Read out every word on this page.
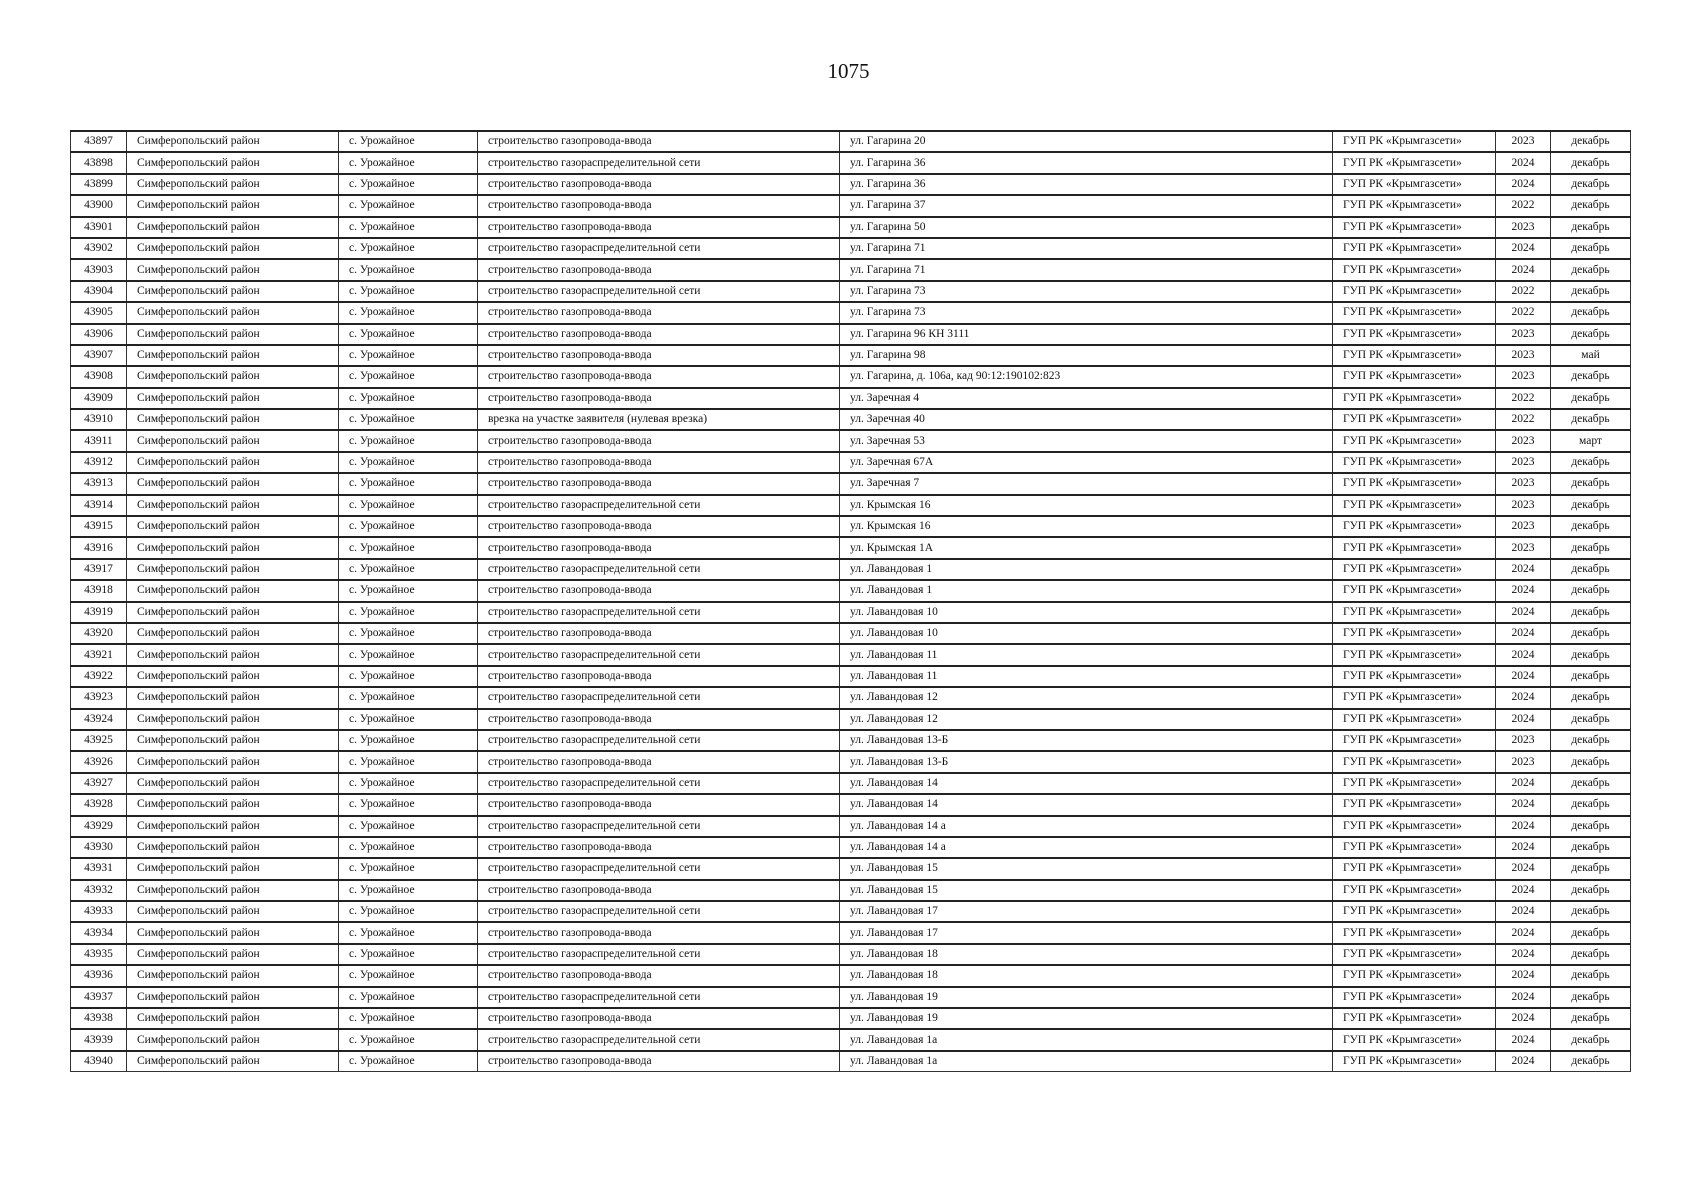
1075
43897	Симферопольский район	с. Урожайное	строительство газопровода-ввода	ул. Гагарина 20	ГУП РК «Крымгазсети»	2023	декабрь
43898	Симферопольский район	с. Урожайное	строительство газораспределительной сети	ул. Гагарина 36	ГУП РК «Крымгазсети»	2024	декабрь
43899	Симферопольский район	с. Урожайное	строительство газопровода-ввода	ул. Гагарина 36	ГУП РК «Крымгазсети»	2024	декабрь
43900	Симферопольский район	с. Урожайное	строительство газопровода-ввода	ул. Гагарина 37	ГУП РК «Крымгазсети»	2022	декабрь
43901	Симферопольский район	с. Урожайное	строительство газопровода-ввода	ул. Гагарина 50	ГУП РК «Крымгазсети»	2023	декабрь
43902	Симферопольский район	с. Урожайное	строительство газораспределительной сети	ул. Гагарина 71	ГУП РК «Крымгазсети»	2024	декабрь
43903	Симферопольский район	с. Урожайное	строительство газопровода-ввода	ул. Гагарина 71	ГУП РК «Крымгазсети»	2024	декабрь
43904	Симферопольский район	с. Урожайное	строительство газораспределительной сети	ул. Гагарина 73	ГУП РК «Крымгазсети»	2022	декабрь
43905	Симферопольский район	с. Урожайное	строительство газопровода-ввода	ул. Гагарина 73	ГУП РК «Крымгазсети»	2022	декабрь
43906	Симферопольский район	с. Урожайное	строительство газопровода-ввода	ул. Гагарина 96 КН 3111	ГУП РК «Крымгазсети»	2023	декабрь
43907	Симферопольский район	с. Урожайное	строительство газопровода-ввода	ул. Гагарина 98	ГУП РК «Крымгазсети»	2023	май
43908	Симферопольский район	с. Урожайное	строительство газопровода-ввода	ул. Гагарина, д. 106а, кад 90:12:190102:823	ГУП РК «Крымгазсети»	2023	декабрь
43909	Симферопольский район	с. Урожайное	строительство газопровода-ввода	ул. Заречная 4	ГУП РК «Крымгазсети»	2022	декабрь
43910	Симферопольский район	с. Урожайное	врезка на участке заявителя (нулевая врезка)	ул. Заречная 40	ГУП РК «Крымгазсети»	2022	декабрь
43911	Симферопольский район	с. Урожайное	строительство газопровода-ввода	ул. Заречная 53	ГУП РК «Крымгазсети»	2023	март
43912	Симферопольский район	с. Урожайное	строительство газопровода-ввода	ул. Заречная 67А	ГУП РК «Крымгазсети»	2023	декабрь
43913	Симферопольский район	с. Урожайное	строительство газопровода-ввода	ул. Заречная 7	ГУП РК «Крымгазсети»	2023	декабрь
43914	Симферопольский район	с. Урожайное	строительство газораспределительной сети	ул. Крымская 16	ГУП РК «Крымгазсети»	2023	декабрь
43915	Симферопольский район	с. Урожайное	строительство газопровода-ввода	ул. Крымская 16	ГУП РК «Крымгазсети»	2023	декабрь
43916	Симферопольский район	с. Урожайное	строительство газопровода-ввода	ул. Крымская 1А	ГУП РК «Крымгазсети»	2023	декабрь
43917	Симферопольский район	с. Урожайное	строительство газораспределительной сети	ул. Лавандовая 1	ГУП РК «Крымгазсети»	2024	декабрь
43918	Симферопольский район	с. Урожайное	строительство газопровода-ввода	ул. Лавандовая 1	ГУП РК «Крымгазсети»	2024	декабрь
43919	Симферопольский район	с. Урожайное	строительство газораспределительной сети	ул. Лавандовая 10	ГУП РК «Крымгазсети»	2024	декабрь
43920	Симферопольский район	с. Урожайное	строительство газопровода-ввода	ул. Лавандовая 10	ГУП РК «Крымгазсети»	2024	декабрь
43921	Симферопольский район	с. Урожайное	строительство газораспределительной сети	ул. Лавандовая 11	ГУП РК «Крымгазсети»	2024	декабрь
43922	Симферопольский район	с. Урожайное	строительство газопровода-ввода	ул. Лавандовая 11	ГУП РК «Крымгазсети»	2024	декабрь
43923	Симферопольский район	с. Урожайное	строительство газораспределительной сети	ул. Лавандовая 12	ГУП РК «Крымгазсети»	2024	декабрь
43924	Симферопольский район	с. Урожайное	строительство газопровода-ввода	ул. Лавандовая 12	ГУП РК «Крымгазсети»	2024	декабрь
43925	Симферопольский район	с. Урожайное	строительство газораспределительной сети	ул. Лавандовая 13-Б	ГУП РК «Крымгазсети»	2023	декабрь
43926	Симферопольский район	с. Урожайное	строительство газопровода-ввода	ул. Лавандовая 13-Б	ГУП РК «Крымгазсети»	2023	декабрь
43927	Симферопольский район	с. Урожайное	строительство газораспределительной сети	ул. Лавандовая 14	ГУП РК «Крымгазсети»	2024	декабрь
43928	Симферопольский район	с. Урожайное	строительство газопровода-ввода	ул. Лавандовая 14	ГУП РК «Крымгазсети»	2024	декабрь
43929	Симферопольский район	с. Урожайное	строительство газораспределительной сети	ул. Лавандовая 14 а	ГУП РК «Крымгазсети»	2024	декабрь
43930	Симферопольский район	с. Урожайное	строительство газопровода-ввода	ул. Лавандовая 14 а	ГУП РК «Крымгазсети»	2024	декабрь
43931	Симферопольский район	с. Урожайное	строительство газораспределительной сети	ул. Лавандовая 15	ГУП РК «Крымгазсети»	2024	декабрь
43932	Симферопольский район	с. Урожайное	строительство газопровода-ввода	ул. Лавандовая 15	ГУП РК «Крымгазсети»	2024	декабрь
43933	Симферопольский район	с. Урожайное	строительство газораспределительной сети	ул. Лавандовая 17	ГУП РК «Крымгазсети»	2024	декабрь
43934	Симферопольский район	с. Урожайное	строительство газопровода-ввода	ул. Лавандовая 17	ГУП РК «Крымгазсети»	2024	декабрь
43935	Симферопольский район	с. Урожайное	строительство газораспределительной сети	ул. Лавандовая 18	ГУП РК «Крымгазсети»	2024	декабрь
43936	Симферопольский район	с. Урожайное	строительство газопровода-ввода	ул. Лавандовая 18	ГУП РК «Крымгазсети»	2024	декабрь
43937	Симферопольский район	с. Урожайное	строительство газораспределительной сети	ул. Лавандовая 19	ГУП РК «Крымгазсети»	2024	декабрь
43938	Симферопольский район	с. Урожайное	строительство газопровода-ввода	ул. Лавандовая 19	ГУП РК «Крымгазсети»	2024	декабрь
43939	Симферопольский район	с. Урожайное	строительство газораспределительной сети	ул. Лавандовая 1а	ГУП РК «Крымгазсети»	2024	декабрь
43940	Симферопольский район	с. Урожайное	строительство газопровода-ввода	ул. Лавандовая 1а	ГУП РК «Крымгазсети»	2024	декабрь
